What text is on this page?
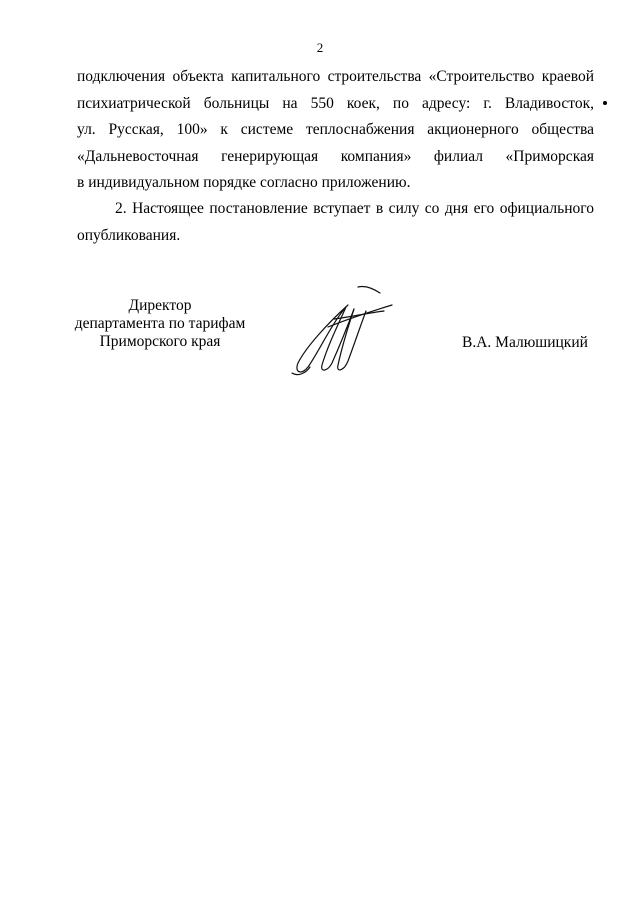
2
подключения объекта капитального строительства «Строительство краевой
психиатрической больницы на 550 коек, по адресу: г. Владивосток,
ул. Русская, 100» к системе теплоснабжения акционерного общества
«Дальневосточная генерирующая компания» филиал «Приморская
в индивидуальном порядке согласно приложению.
2. Настоящее постановление вступает в силу со дня его официального
опубликования.
Директор
департамента по тарифам
Приморского края	В.А. Малюшицкий
